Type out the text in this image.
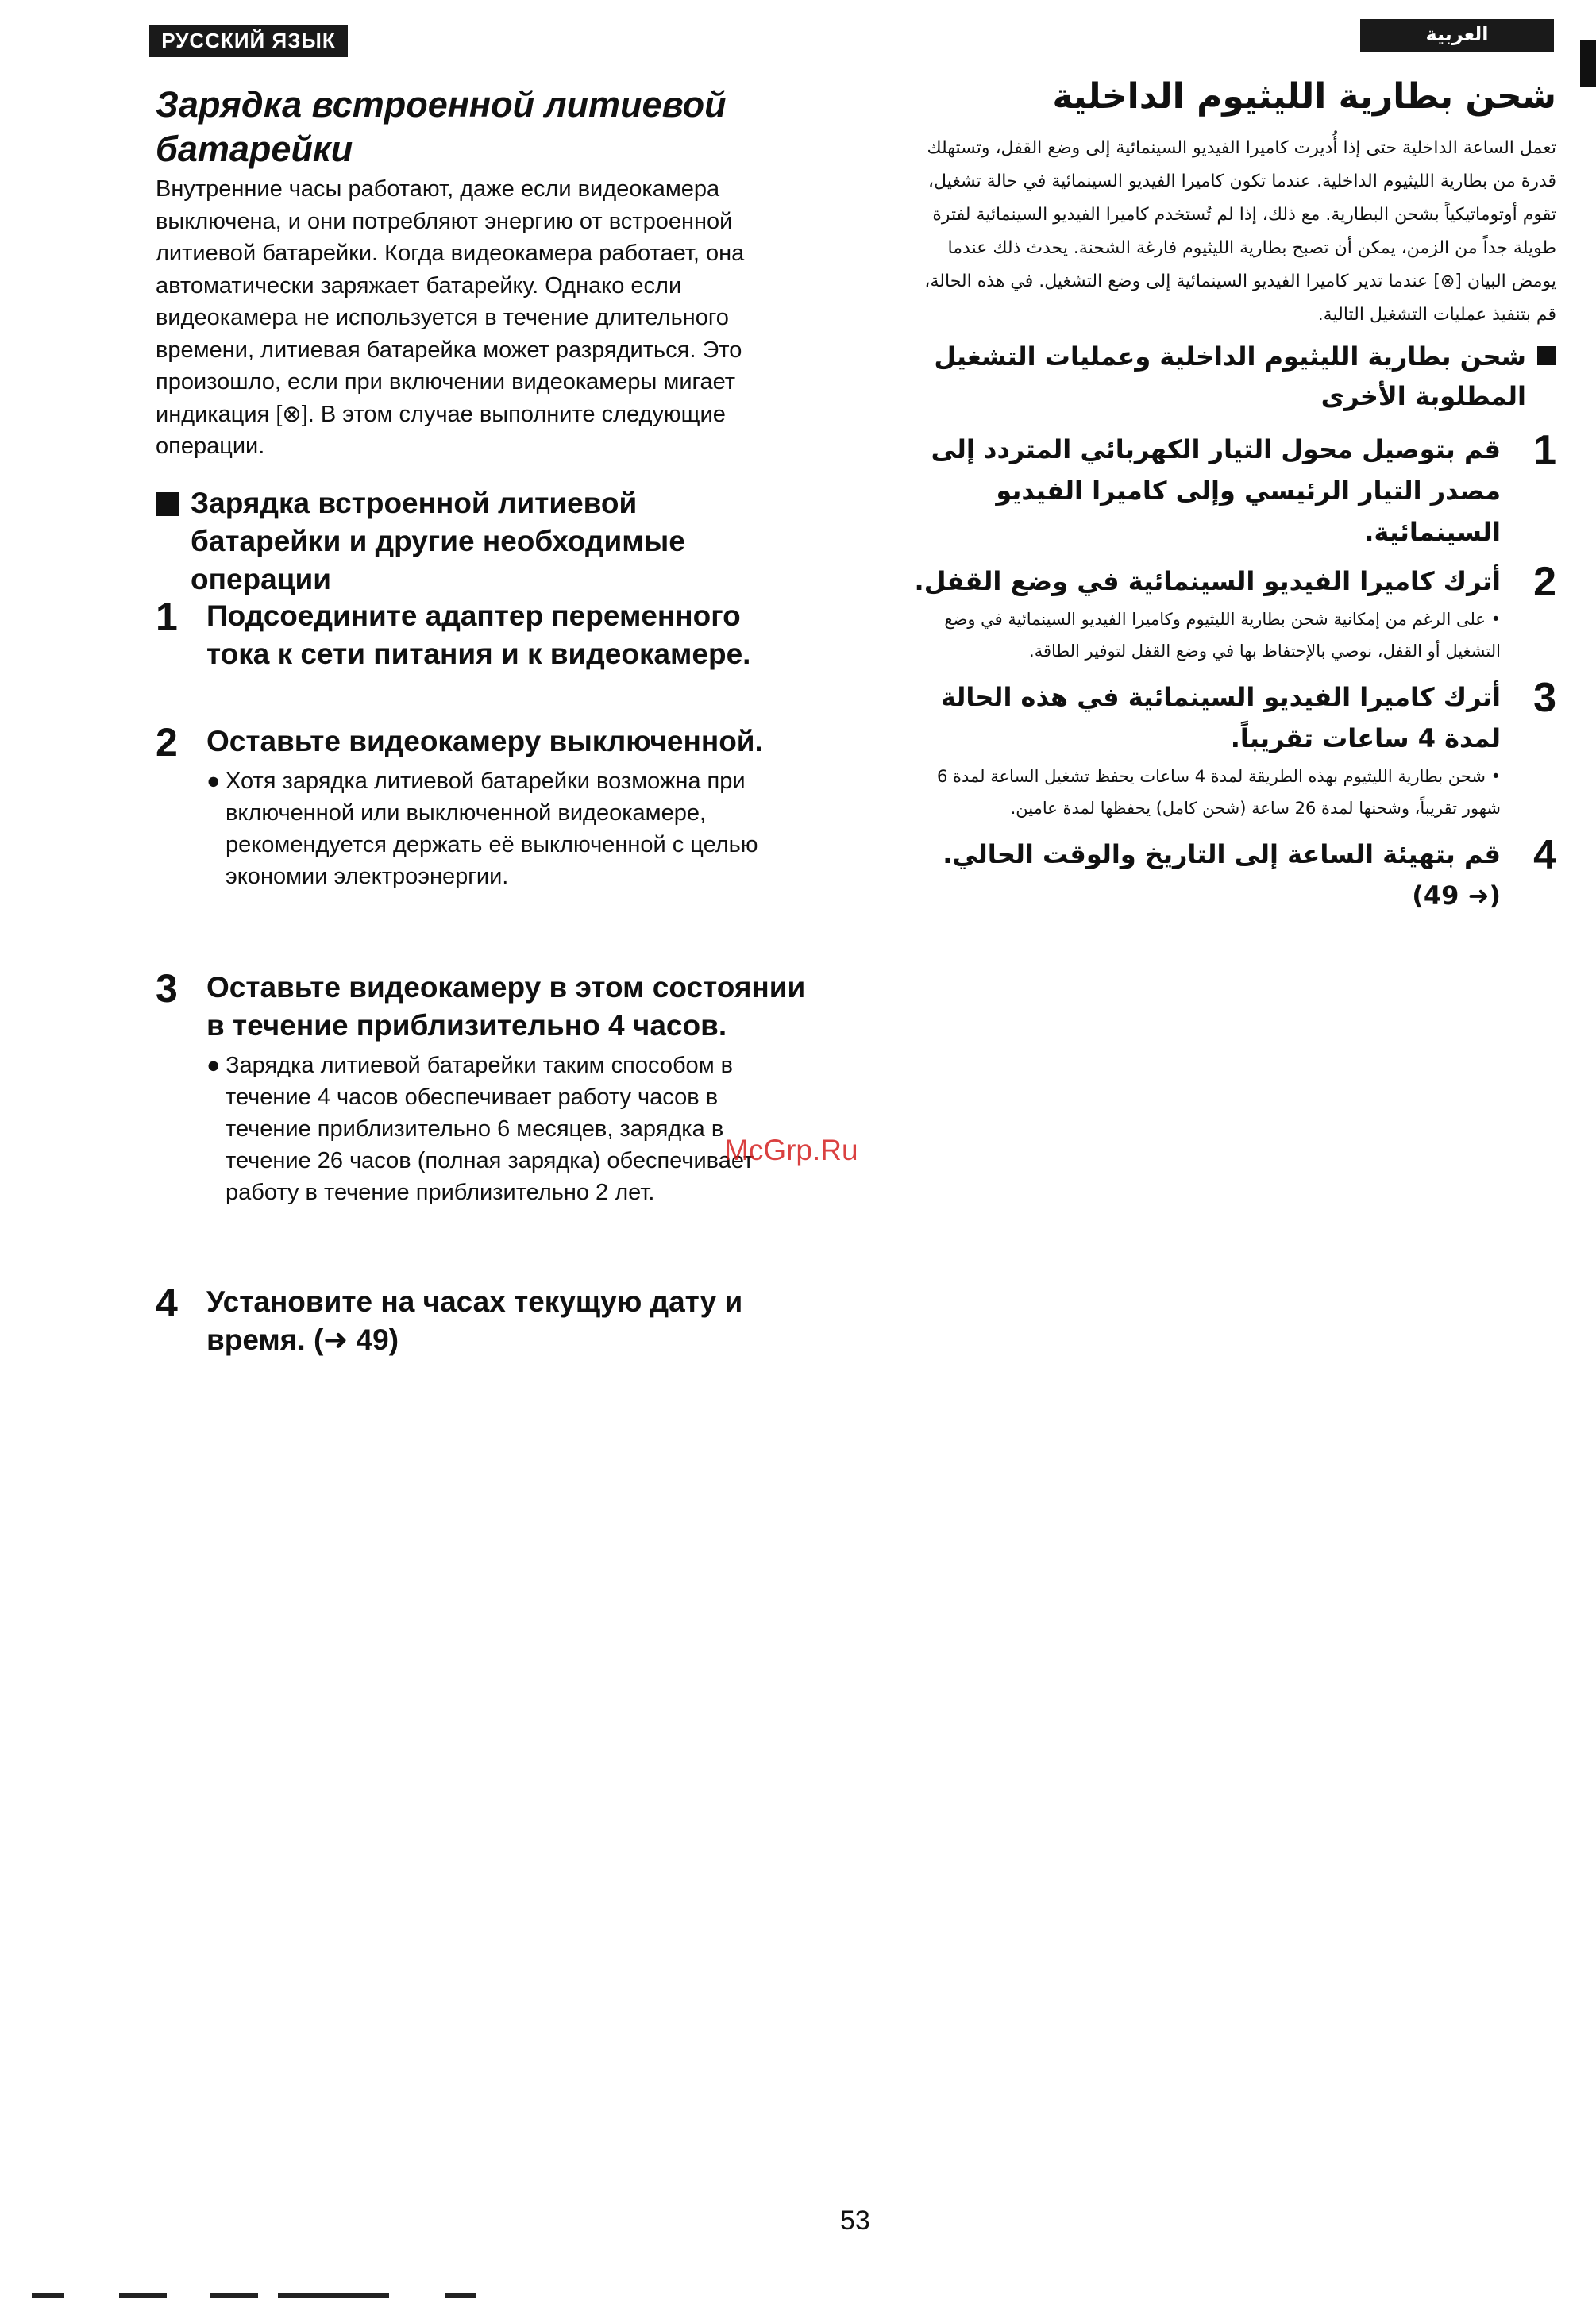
РУССКИЙ ЯЗЫК	العربية
Зарядка встроенной литиевой батарейки
Внутренние часы работают, даже если видеокамера выключена, и они потребляют энергию от встроенной литиевой батарейки. Когда видеокамера работает, она автоматически заряжает батарейку. Однако если видеокамера не используется в течение длительного времени, литиевая батарейка может разрядиться. Это произошло, если при включении видеокамеры мигает индикация [⊗]. В этом случае выполните следующие операции.
Зарядка встроенной литиевой батарейки и другие необходимые операции
1 Подсоедините адаптер переменного тока к сети питания и к видеокамере.
2 Оставьте видеокамеру выключенной.
● Хотя зарядка литиевой батарейки возможна при включенной или выключенной видеокамере, рекомендуется держать её выключенной с целью экономии электроэнергии.
3 Оставьте видеокамеру в этом состоянии в течение приблизительно 4 часов.
● Зарядка литиевой батарейки таким способом в течение 4 часов обеспечивает работу часов в течение приблизительно 6 месяцев, зарядка в течение 26 часов (полная зарядка) обеспечивает работу в течение приблизительно 2 лет.
4 Установите на часах текущую дату и время. (➜ 49)
شحن بطارية الليثيوم الداخلية
تعمل الساعة الداخلية حتى إذا أُديرت كاميرا الفيديو السينمائية إلى وضع القفل، وتستهلك قدرة من بطارية الليثيوم الداخلية. عندما تكون كاميرا الفيديو السينمائية في حالة تشغيل، تقوم أوتوماتيكياً بشحن البطارية. مع ذلك، إذا لم تُستخدم كاميرا الفيديو السينمائية لفترة طويلة جداً من الزمن، يمكن أن تصبح بطارية الليثيوم فارغة الشحنة. يحدث ذلك عندما يومض البيان [⊗] عندما تدير كاميرا الفيديو السينمائية إلى وضع التشغيل. في هذه الحالة، قم بتنفيذ عمليات التشغيل التالية.
شحن بطارية الليثيوم الداخلية وعمليات التشغيل المطلوبة الأخرى
1
قم بتوصيل محول التيار الكهربائي المتردد إلى مصدر التيار الرئيسي وإلى كاميرا الفيديو السينمائية.
2
أترك كاميرا الفيديو السينمائية في وضع القفل.
• على الرغم من إمكانية شحن بطارية الليثيوم وكاميرا الفيديو السينمائية في وضع التشغيل أو القفل، نوصي بالإحتفاظ بها في وضع القفل لتوفير الطاقة.
3
أترك كاميرا الفيديو السينمائية في هذه الحالة لمدة 4 ساعات تقريباً.
• شحن بطارية الليثيوم بهذه الطريقة لمدة 4 ساعات يحفظ تشغيل الساعة لمدة 6 شهور تقريباً، وشحنها لمدة 26 ساعة (شحن كامل) يحفظها لمدة عامين.
4
قم بتهيئة الساعة إلى التاريخ والوقت الحالي. (➜ 49)
McGrp.Ru
53
